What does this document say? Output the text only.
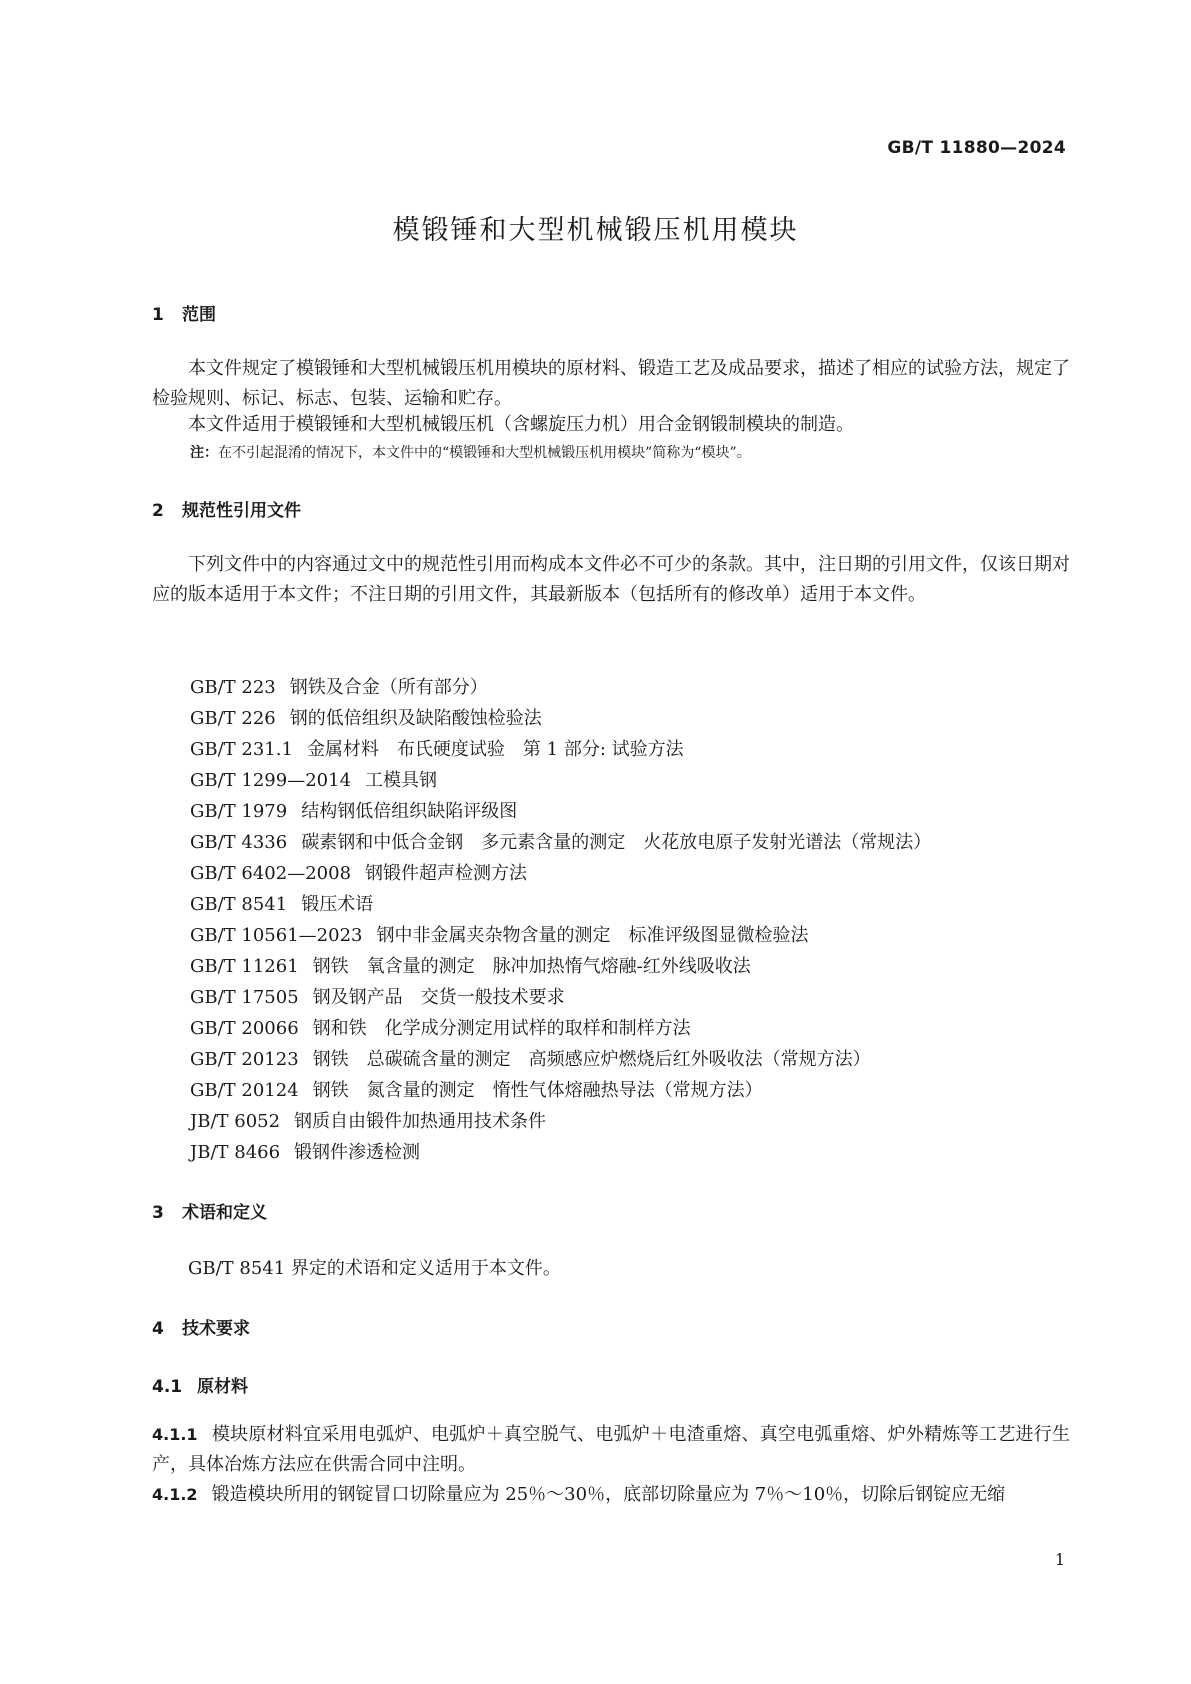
GB/T 11880—2024
模锻锤和大型机械锻压机用模块
1 范围
本文件规定了模锻锤和大型机械锻压机用模块的原材料、锻造工艺及成品要求，描述了相应的试验方法，规定了检验规则、标记、标志、包装、运输和贮存。
本文件适用于模锻锤和大型机械锻压机（含螺旋压力机）用合金钢锻制模块的制造。
注：在不引起混淆的情况下，本文件中的“模锻锤和大型机械锻压机用模块”简称为“模块”。
2 规范性引用文件
下列文件中的内容通过文中的规范性引用而构成本文件必不可少的条款。其中，注日期的引用文件，仅该日期对应的版本适用于本文件；不注日期的引用文件，其最新版本（包括所有的修改单）适用于本文件。
GB/T 223 钢铁及合金（所有部分）
GB/T 226 钢的低倍组织及缺陷酸蚀检验法
GB/T 231.1 金属材料　布氏硬度试验　第 1 部分: 试验方法
GB/T 1299—2014 工模具钢
GB/T 1979 结构钢低倍组织缺陷评级图
GB/T 4336 碳素钢和中低合金钢　多元素含量的测定　火花放电原子发射光谱法（常规法）
GB/T 6402—2008 钢锻件超声检测方法
GB/T 8541 锻压术语
GB/T 10561—2023 钢中非金属夹杂物含量的测定　标准评级图显微检验法
GB/T 11261 钢铁　氧含量的测定　脉冲加热惰气熔融-红外线吸收法
GB/T 17505 钢及钢产品　交货一般技术要求
GB/T 20066 钢和铁　化学成分测定用试样的取样和制样方法
GB/T 20123 钢铁　总碳硫含量的测定　高频感应炉燃烧后红外吸收法（常规方法）
GB/T 20124 钢铁　氮含量的测定　惰性气体熔融热导法（常规方法）
JB/T 6052 钢质自由锻件加热通用技术条件
JB/T 8466 锻钢件渗透检测
3 术语和定义
GB/T 8541 界定的术语和定义适用于本文件。
4 技术要求
4.1 原材料
4.1.1 模块原材料宜采用电弧炉、电弧炉＋真空脱气、电弧炉＋电渣重熔、真空电弧重熔、炉外精炼等工艺进行生产，具体冶炼方法应在供需合同中注明。
4.1.2 锻造模块所用的钢锭冒口切除量应为 25％～30％，底部切除量应为 7％～10％，切除后钢锭应无缩
1
